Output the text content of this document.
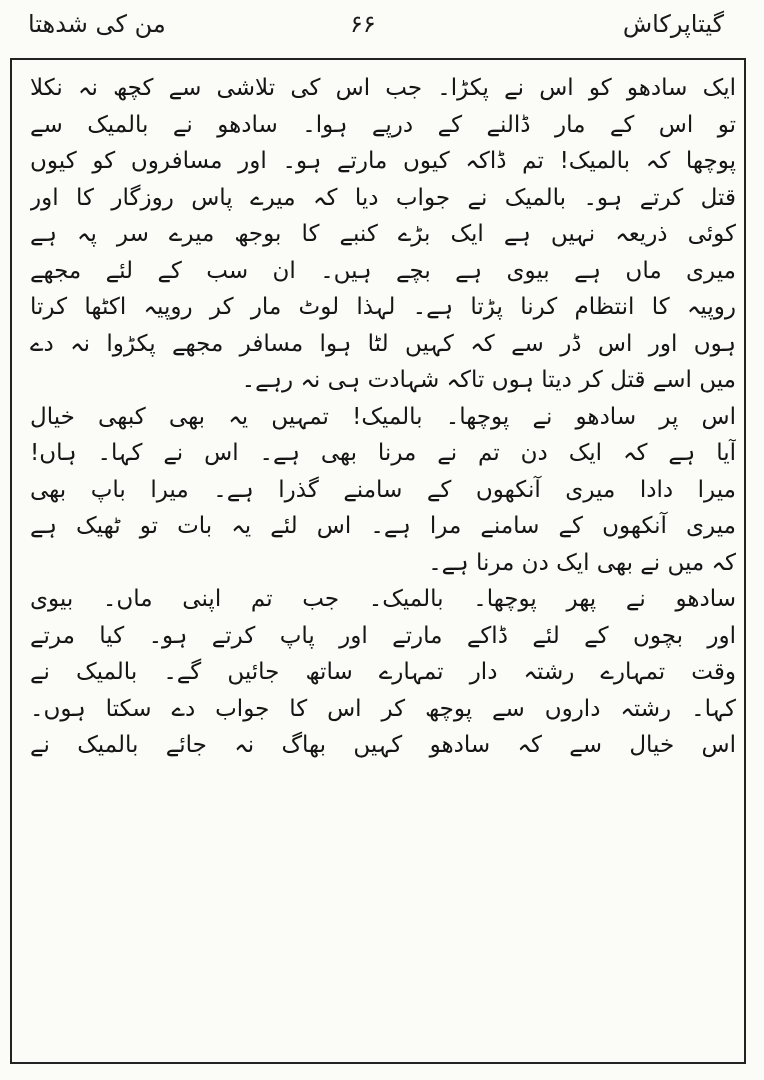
گیتاپرکاش
۶۶
من کی شدھتا
ایک سادھو کو اس نے پکڑا۔ جب اس کی تلاشی سے کچھ نہ نکلا
تو اس کے مار ڈالنے کے درپے ہوا۔ سادھو نے بالمیک سے
پوچھا کہ بالمیک! تم ڈاکہ کیوں مارتے ہو۔ اور مسافروں کو کیوں
قتل کرتے ہو۔ بالمیک نے جواب دیا کہ میرے پاس روزگار کا اور
کوئی ذریعہ نہیں ہے ایک بڑے کنبے کا بوجھ میرے سر پہ ہے
میری ماں ہے بیوی ہے بچے ہیں۔ ان سب کے لئے مجھے
روپیہ کا انتظام کرنا پڑتا ہے۔ لہذا لوٹ مار کر روپیہ اکٹھا کرتا
ہوں اور اس ڈر سے کہ کہیں لٹا ہوا مسافر مجھے پکڑوا نہ دے
میں اسے قتل کر دیتا ہوں تاکہ شہادت ہی نہ رہے۔
اس پر سادھو نے پوچھا۔ بالمیک! تمہیں یہ بھی کبھی خیال
آیا ہے کہ ایک دن تم نے مرنا بھی ہے۔ اس نے کہا۔ ہاں!
میرا دادا میری آنکھوں کے سامنے گذرا ہے۔ میرا باپ بھی
میری آنکھوں کے سامنے مرا ہے۔ اس لئے یہ بات تو ٹھیک ہے
کہ میں نے بھی ایک دن مرنا ہے۔
سادھو نے پھر پوچھا۔ بالمیک۔ جب تم اپنی ماں۔ بیوی
اور بچوں کے لئے ڈاکے مارتے اور پاپ کرتے ہو۔ کیا مرتے
وقت تمہارے رشتہ دار تمہارے ساتھ جائیں گے۔ بالمیک نے
کہا۔ رشتہ داروں سے پوچھ کر اس کا جواب دے سکتا ہوں۔
اس خیال سے کہ سادھو کہیں بھاگ نہ جائے بالمیک نے
